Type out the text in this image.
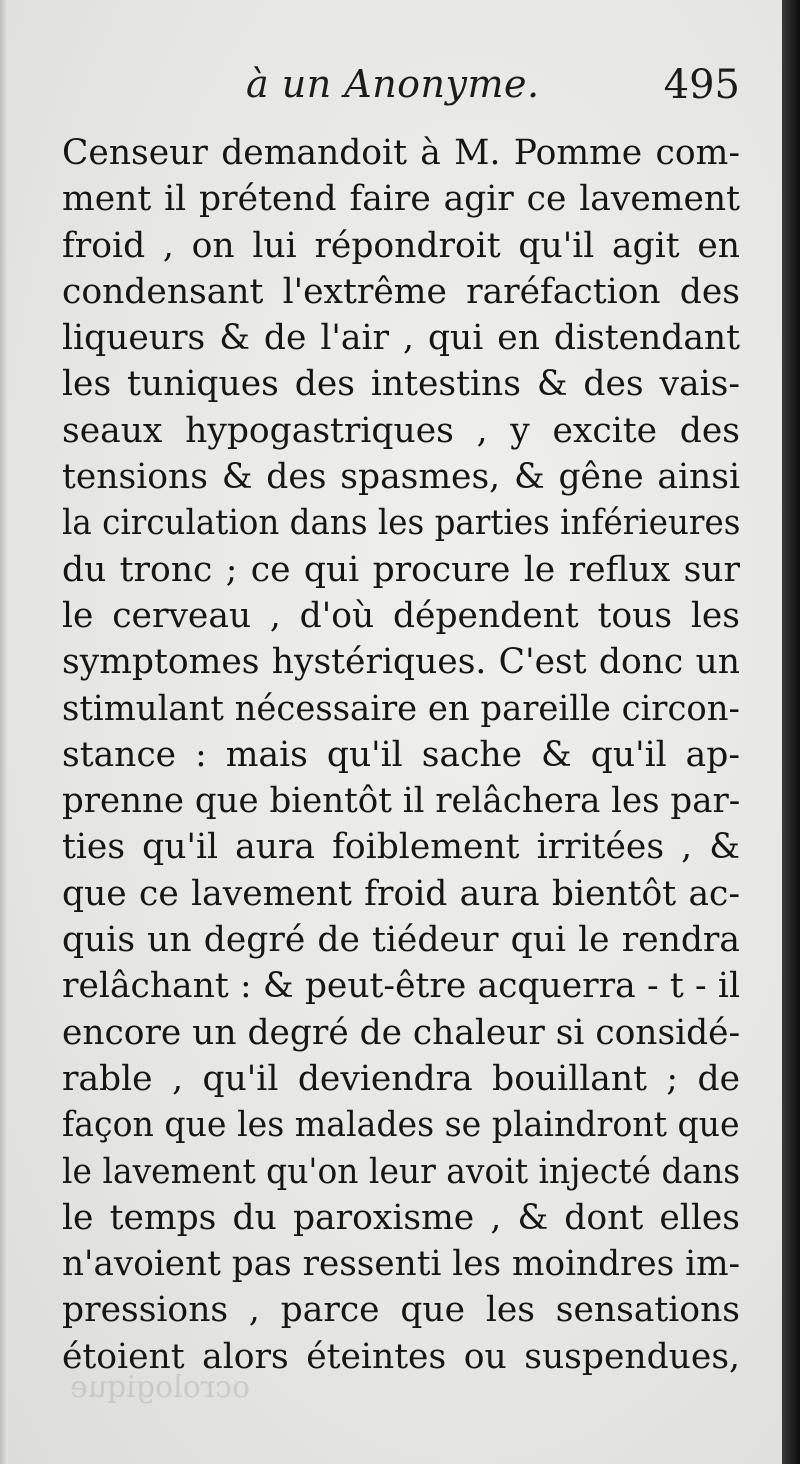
à un Anonyme.	495
Censeur demandoit à M. Pomme com-
ment il prétend faire agir ce lavement
froid , on lui répondroit qu'il agit en
condensant l'extrême raréfaction des
liqueurs & de l'air , qui en distendant
les tuniques des intestins & des vais-
seaux hypogastriques , y excite des
tensions & des spasmes, & gêne ainsi
la circulation dans les parties inférieures
du tronc ; ce qui procure le reflux sur
le cerveau , d'où dépendent tous les
symptomes hystériques. C'est donc un
stimulant nécessaire en pareille circon-
stance : mais qu'il sache & qu'il ap-
prenne que bientôt il relâchera les par-
ties qu'il aura foiblement irritées , &
que ce lavement froid aura bientôt ac-
quis un degré de tiédeur qui le rendra
relâchant : & peut-être acquerra - t - il
encore un degré de chaleur si considé-
rable , qu'il deviendra bouillant ; de
façon que les malades se plaindront que
le lavement qu'on leur avoit injecté dans
le temps du paroxisme , & dont elles
n'avoient pas ressenti les moindres im-
pressions , parce que les sensations
étoient alors éteintes ou suspendues,
ocrologique
